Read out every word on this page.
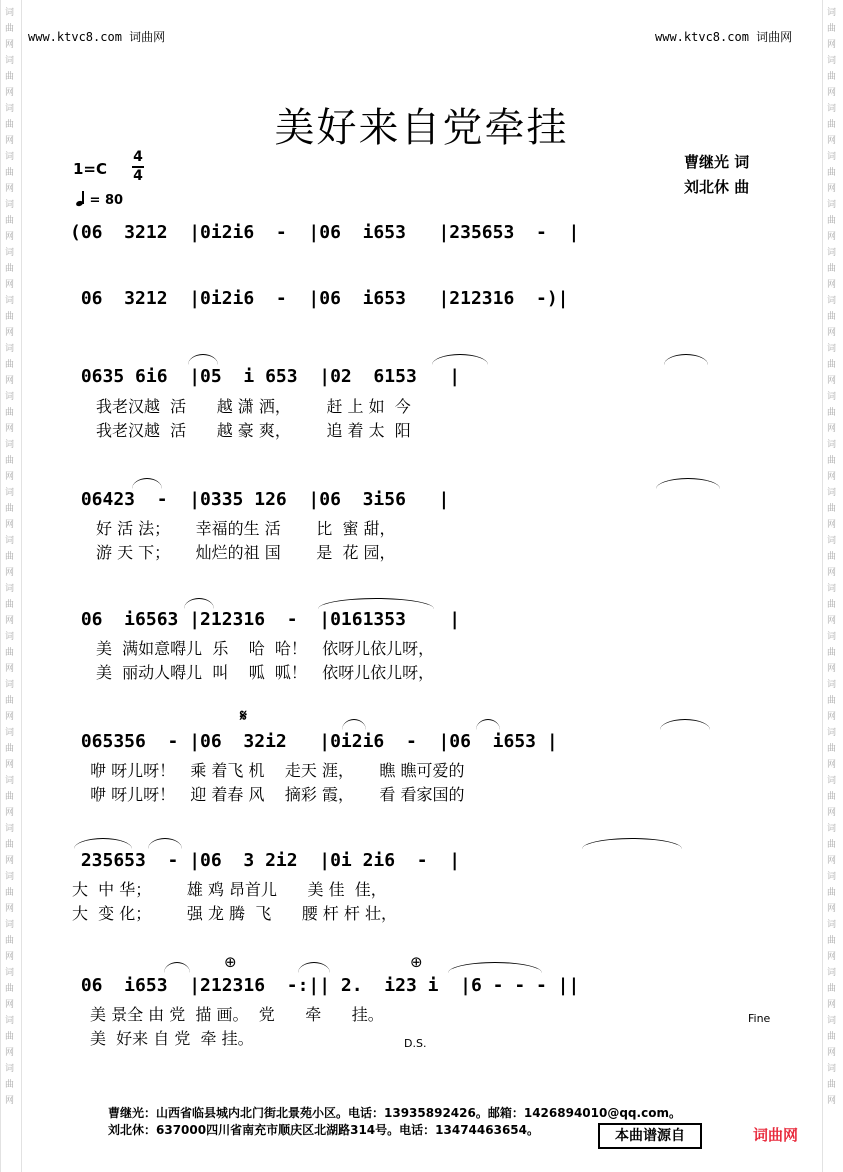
词
曲
网
词
曲
网
词
曲
网
词
曲
网
词
曲
网
词
曲
网
词
曲
网
词
曲
网
词
曲
网
词
曲
网
词
曲
网
词
曲
网
词
曲
网
词
曲
网
词
曲
网
词
曲
网
词
曲
网
词
曲
网
词
曲
网
词
曲
网
词
曲
网
词
曲
网
词
曲
网
词
曲
网
词
曲
网
词
曲
网
词
曲
网
词
曲
网
词
曲
网
词
曲
网
词
曲
网
词
曲
网
词
曲
网
词
曲
网
词
曲
网
词
曲
网
词
曲
网
词
曲
网
词
曲
网
词
曲
网
词
曲
网
词
曲
网
词
曲
网
词
曲
网
词
曲
网
词
曲
网
www.ktvc8.com 词曲网	www.ktvc8.com 词曲网
美好来自党牵挂
1=C
4
4
= 80
曹继光 词
刘北休 曲
(06  3212  |0i2i6  -  |06  i653   |235653  -  |
06  3212  |0i2i6  -  |06  i653   |212316  -)|
0635 6i6  |05  i 653  |02  6153   |
我老汉越  活      越 潇 洒，       赶 上 如  今
我老汉越  活      越 豪 爽，       追 着 太  阳
06423  -  |0335 126  |06  3i56   |
好 活 法；     幸福的生 活       比  蜜 甜，
游 天 下；     灿烂的祖 国       是  花 园，
06  i6563 |212316  -  |0161353    |
美  满如意嘚儿  乐    哈  哈！   依呀儿依儿呀，
美  丽动人嘚儿  叫    呱  呱！   依呀儿依儿呀，
𝄋
065356  - |06  32i2   |0i2i6  -  |06  i653 |
咿 呀儿呀！   乘 着飞 机    走天 涯，     瞧 瞧可爱的
咿 呀儿呀！   迎 着春 风    摘彩 霞，     看 看家国的
235653  - |06  3 2i2  |0i 2i6  -  |
大  中 华；       雄 鸡 昂首儿      美 佳  佳，
大  变 化；       强 龙 腾  飞      腰 杆 杆 壮，
⊕	⊕
06  i653  |212316  -:|| 2.  i23 i  |6 - - - ||
美 景全 由 党  描 画。  党      牵      挂。
美  好来 自 党  牵 挂。
Fine
D.S.
曹继光：山西省临县城内北门街北景苑小区。电话：13935892426。邮箱：1426894010@qq.com。
刘北休：637000四川省南充市顺庆区北湖路314号。电话：13474463654。	本曲谱源自	词曲网
